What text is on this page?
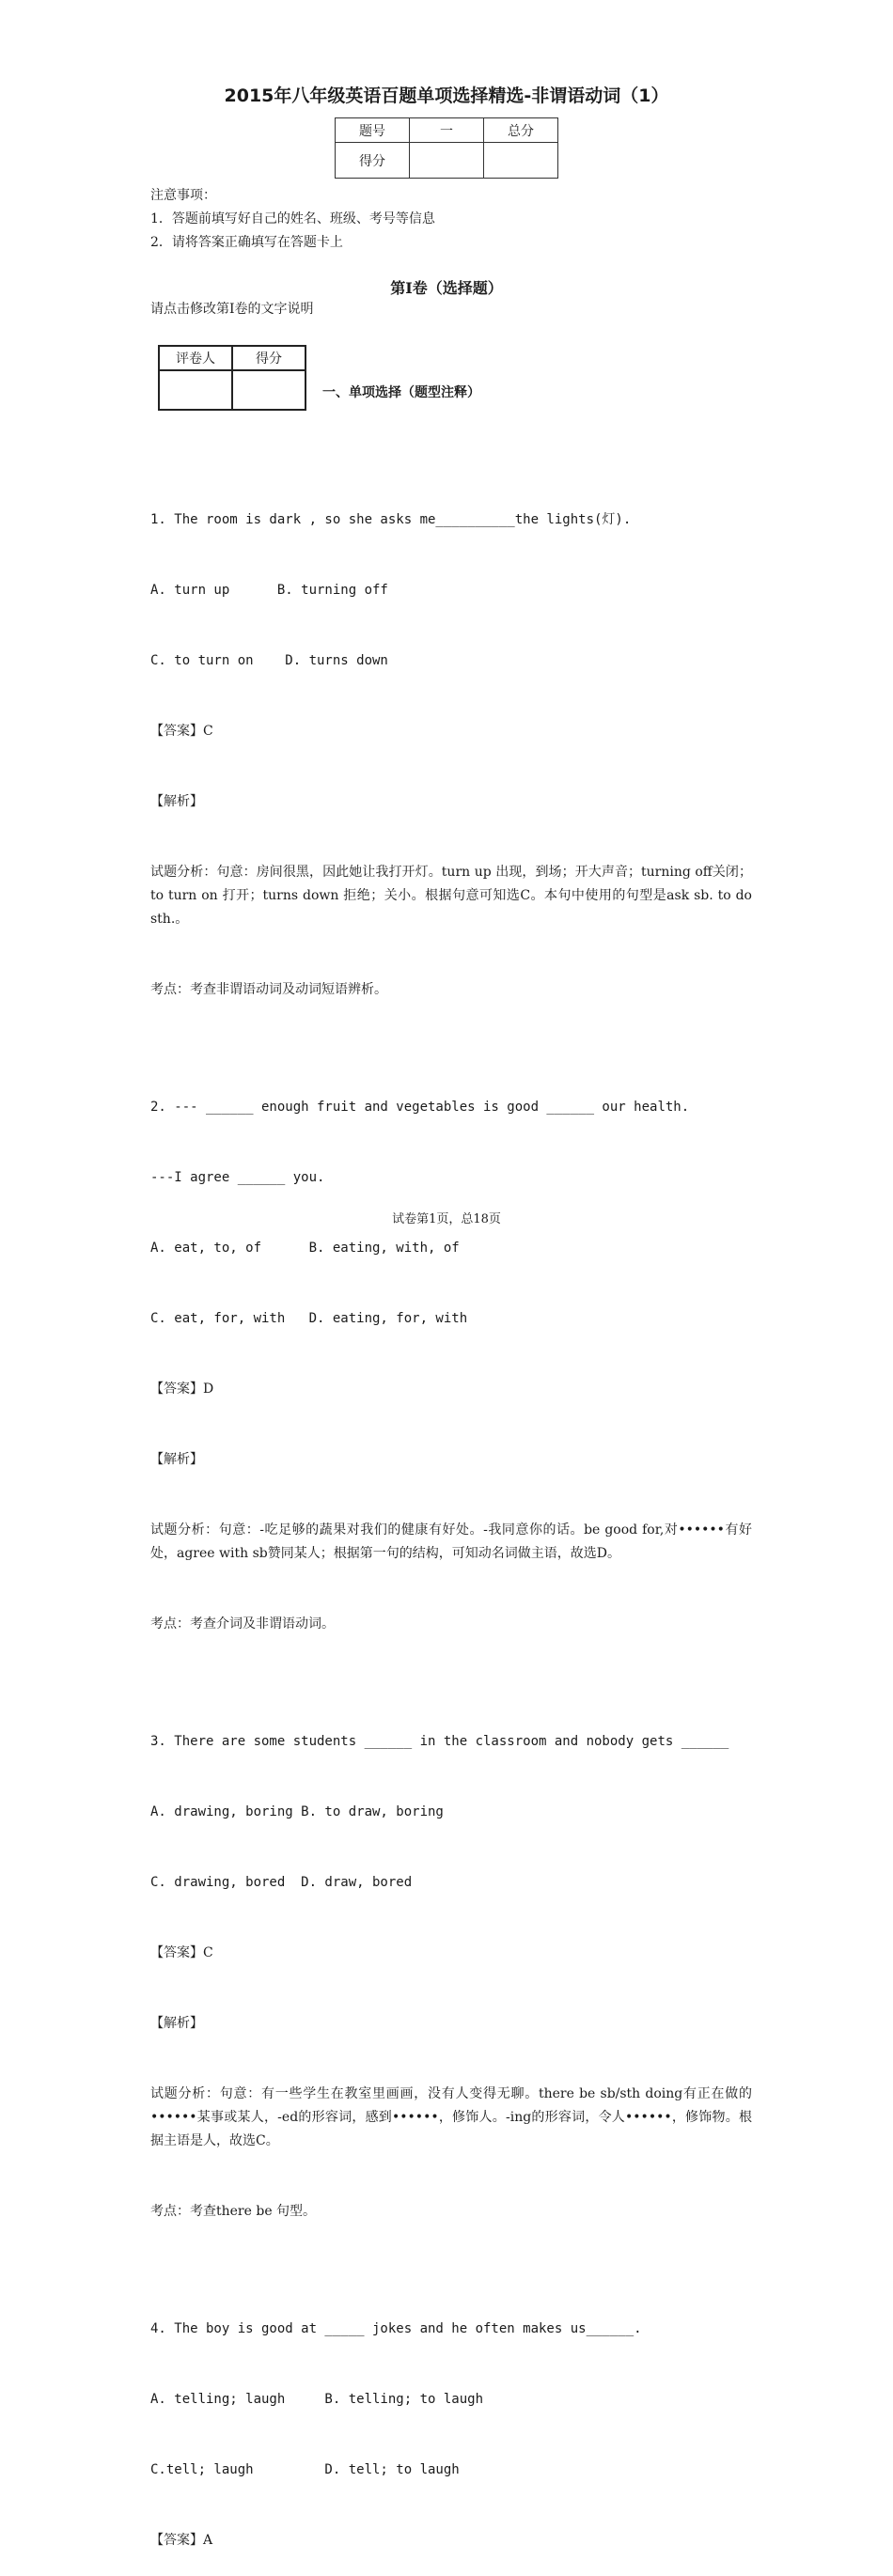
2015年八年级英语百题单项选择精选-非谓语动词（1）
题号	一	总分
得分		
注意事项：
1．答题前填写好自己的姓名、班级、考号等信息
2．请将答案正确填写在答题卡上
第Ⅰ卷（选择题）
请点击修改第Ⅰ卷的文字说明
评卷人	得分

一、单项选择（题型注释）

1. The room is dark , so she asks me__________the lights(灯).

A. turn up      B. turning off

C. to turn on    D. turns down

【答案】C

【解析】

试题分析：句意：房间很黑，因此她让我打开灯。turn up 出现，到场；开大声音；turning off关闭；to turn on 打开；turns down 拒绝；关小。根据句意可知选C。本句中使用的句型是ask sb. to do sth.。

考点：考查非谓语动词及动词短语辨析。

2. --- ______ enough fruit and vegetables is good ______ our health.

---I agree ______ you.

A. eat, to, of      B. eating, with, of

C. eat, for, with   D. eating, for, with

【答案】D

【解析】

试题分析：句意：-吃足够的蔬果对我们的健康有好处。-我同意你的话。be good for,对••••••有好处，agree with sb赞同某人；根据第一句的结构，可知动名词做主语，故选D。

考点：考查介词及非谓语动词。

3. There are some students ______ in the classroom and nobody gets ______

A. drawing, boring B. to draw, boring

C. drawing, bored  D. draw, bored

【答案】C

【解析】

试题分析：句意：有一些学生在教室里画画，没有人变得无聊。there be sb/sth doing有正在做的••••••某事或某人，-ed的形容词，感到••••••，修饰人。-ing的形容词，令人••••••，修饰物。根据主语是人，故选C。

考点：考查there be 句型。

4. The boy is good at _____ jokes and he often makes us______.

A. telling; laugh     B. telling; to laugh

C.tell; laugh         D. tell; to laugh

【答案】A

试卷第1页，总18页
